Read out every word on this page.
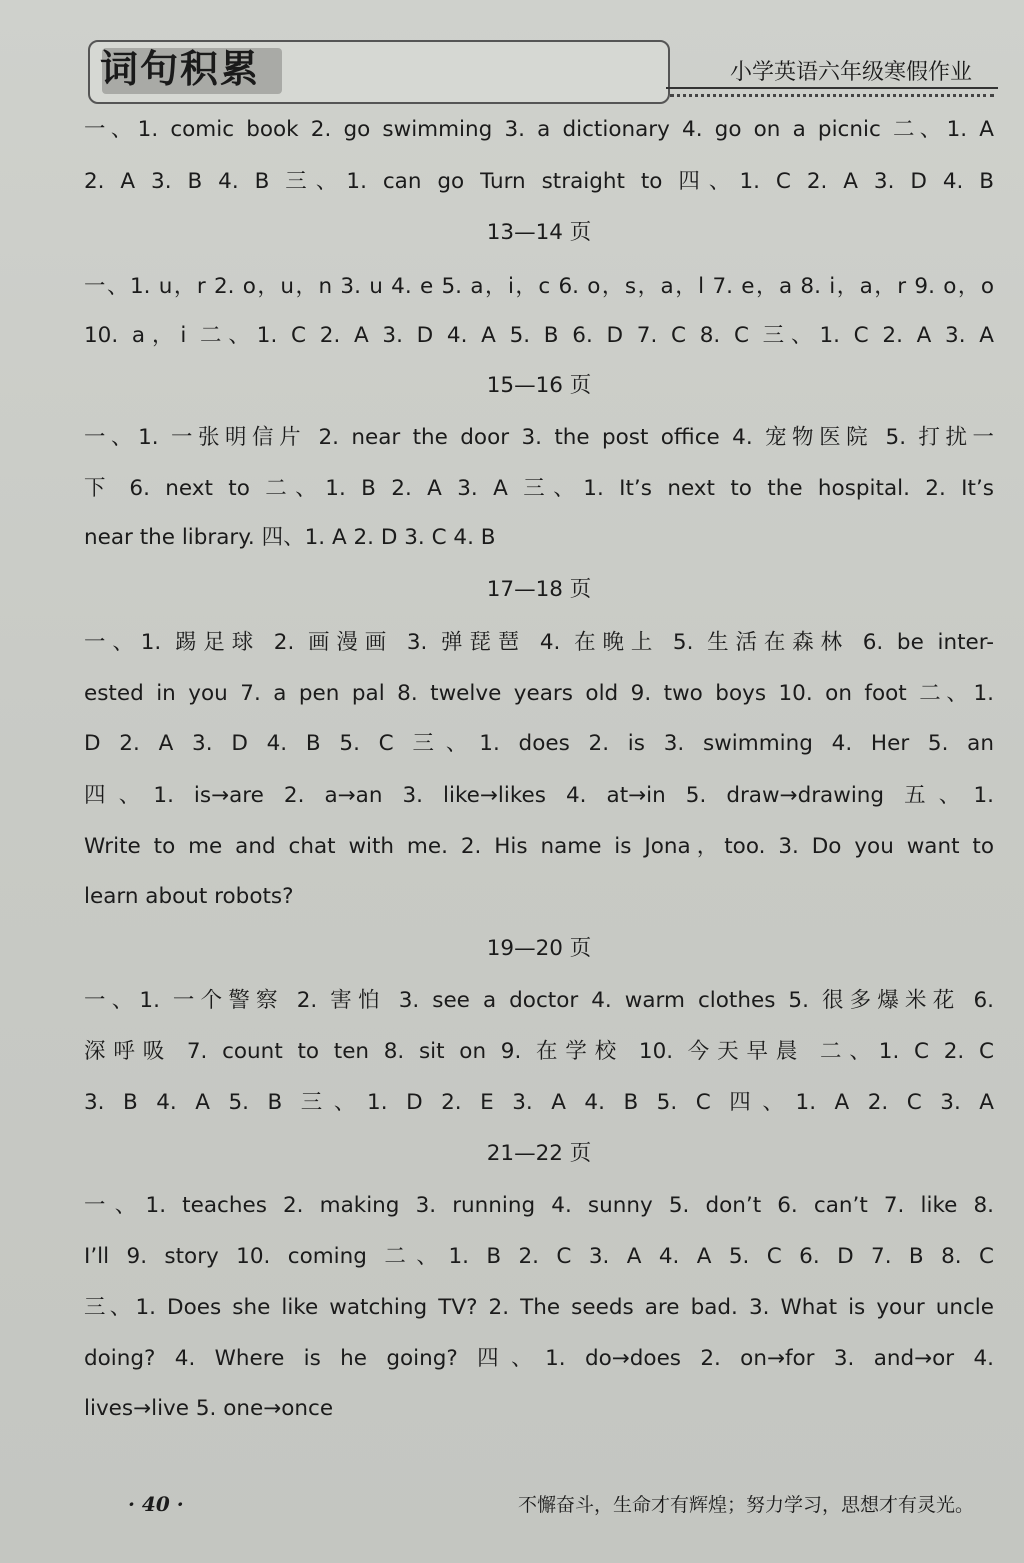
词句积累	小学英语六年级寒假作业
一、1. comic book 2. go swimming 3. a dictionary 4. go on a picnic 二、1. A
2. A 3. B 4. B 三、1. can go Turn straight to 四、1. C 2. A 3. D 4. B
13—14 页
一、1. u，r 2. o，u，n 3. u 4. e 5. a，i，c 6. o，s，a，l 7. e，a 8. i，a，r 9. o，o
10. a，i 二、1. C 2. A 3. D 4. A 5. B 6. D 7. C 8. C 三、1. C 2. A 3. A
15—16 页
一、1. 一张明信片 2. near the door 3. the post office 4. 宠物医院 5. 打扰一
下 6. next to 二、1. B 2. A 3. A 三、1. It’s next to the hospital. 2. It’s
near the library. 四、1. A 2. D 3. C 4. B
17—18 页
一、1. 踢足球 2. 画漫画 3. 弹琵琶 4. 在晚上 5. 生活在森林 6. be inter-
ested in you 7. a pen pal 8. twelve years old 9. two boys 10. on foot 二、1.
D 2. A 3. D 4. B 5. C 三、1. does 2. is 3. swimming 4. Her 5. an
四、1. is→are 2. a→an 3. like→likes 4. at→in 5. draw→drawing 五、1.
Write to me and chat with me. 2. His name is Jona，too. 3. Do you want to
learn about robots?
19—20 页
一、1. 一个警察 2. 害怕 3. see a doctor 4. warm clothes 5. 很多爆米花 6.
深呼吸 7. count to ten 8. sit on 9. 在学校 10. 今天早晨 二、1. C 2. C
3. B 4. A 5. B 三、1. D 2. E 3. A 4. B 5. C 四、1. A 2. C 3. A
21—22 页
一、1. teaches 2. making 3. running 4. sunny 5. don’t 6. can’t 7. like 8.
I’ll 9. story 10. coming 二、1. B 2. C 3. A 4. A 5. C 6. D 7. B 8. C
三、1. Does she like watching TV? 2. The seeds are bad. 3. What is your uncle
doing? 4. Where is he going? 四、1. do→does 2. on→for 3. and→or 4.
lives→live 5. one→once
· 40 ·	不懈奋斗，生命才有辉煌；努力学习，思想才有灵光。
